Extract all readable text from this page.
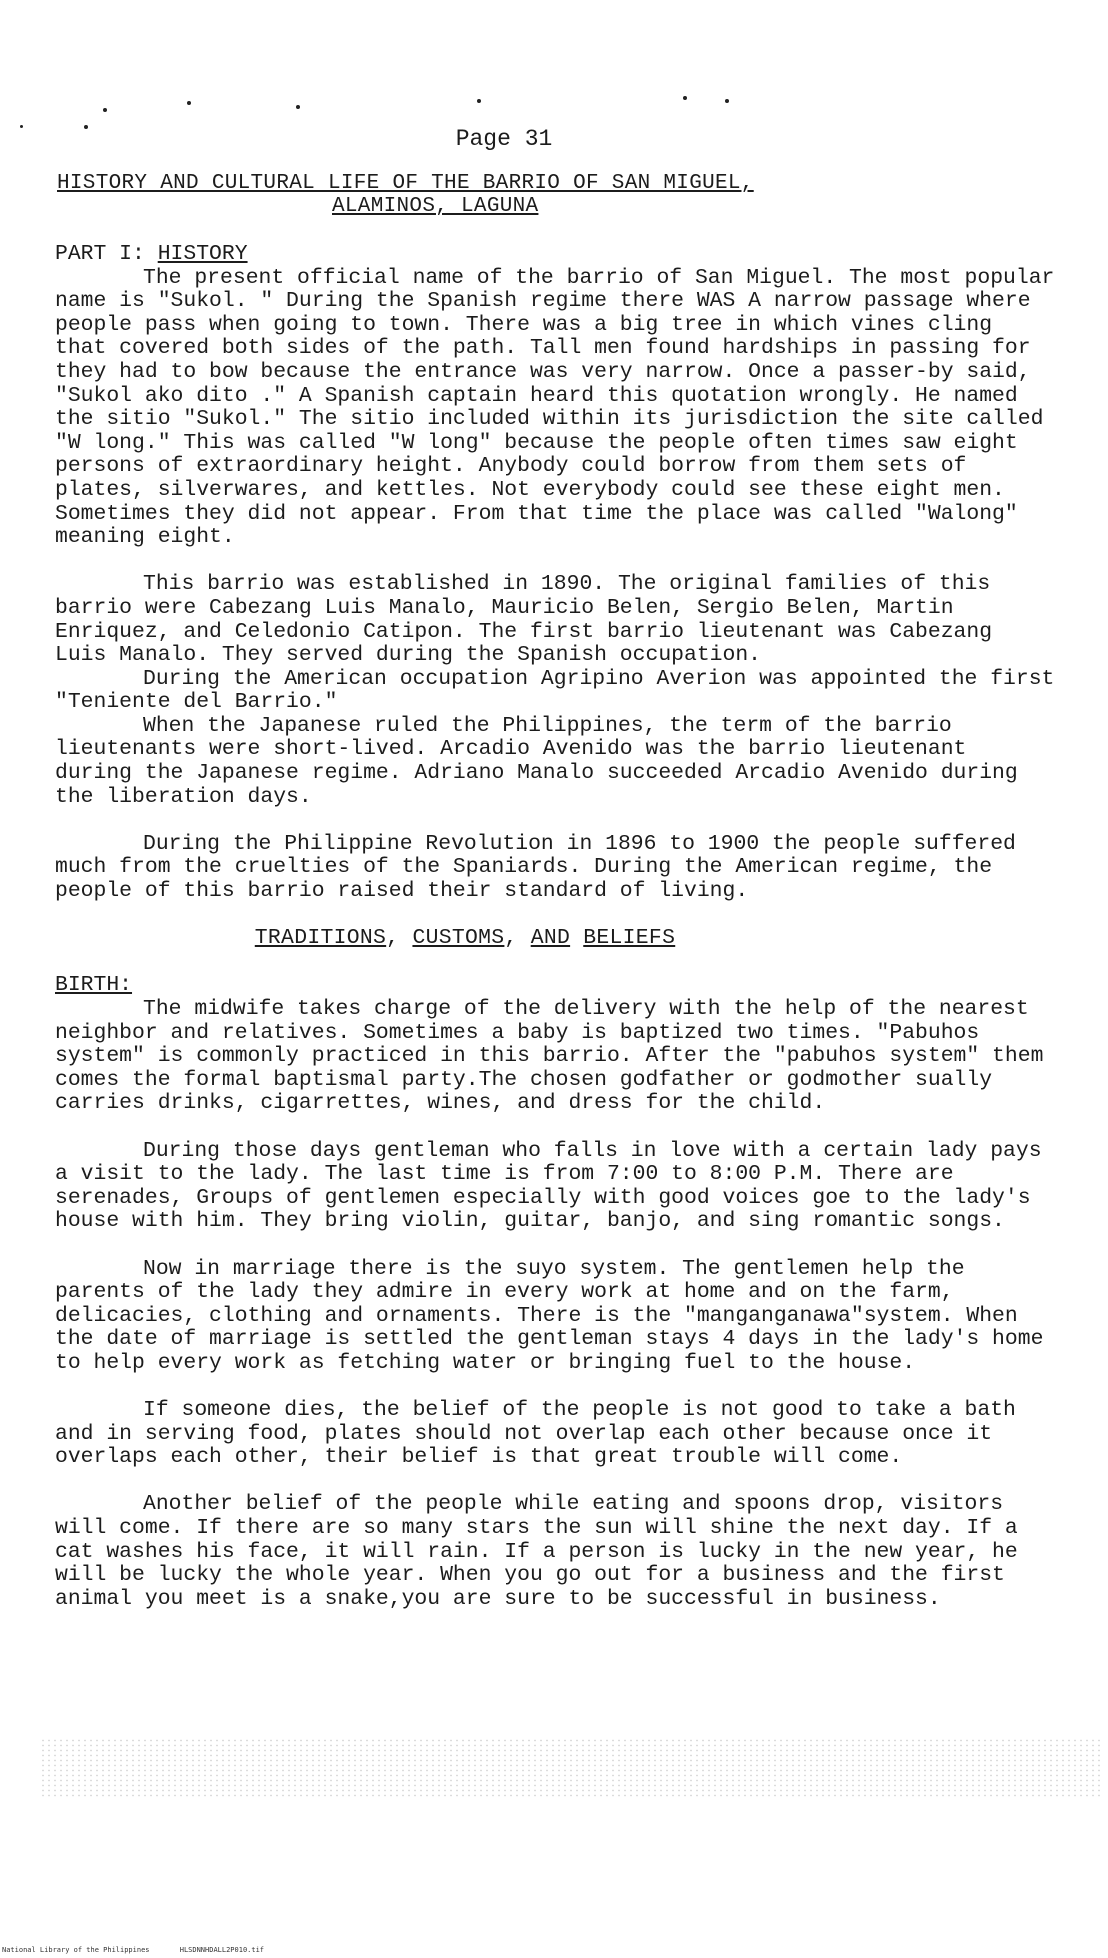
Page 31
HISTORY AND CULTURAL LIFE OF THE BARRIO OF SAN MIGUEL,
ALAMINOS, LAGUNA

PART I: HISTORY

The present official name of the barrio of San Miguel. The most popular name is "Sukol. " During the Spanish regime there WAS A narrow passage where people pass when going to town. There was a big tree in which vines cling that covered both sides of the path. Tall men found hardships in passing for they had to bow because the entrance was very narrow. Once a passer-by said, "Sukol ako dito ." A Spanish captain heard this quotation wrongly. He named the sitio "Sukol." The sitio included within its jurisdiction the site called "W long." This was called "W long" because the people often times saw eight persons of extraordinary height. Anybody could borrow from them sets of plates, silverwares, and kettles. Not everybody could see these eight men. Sometimes they did not appear. From that time the place was called "Walong" meaning eight.

This barrio was established in 1890. The original families of this barrio were Cabezang Luis Manalo, Mauricio Belen, Sergio Belen, Martin Enriquez, and Celedonio Catipon. The first barrio lieutenant was Cabezang Luis Manalo. They served during the Spanish occupation.

During the American occupation Agripino Averion was appointed the first "Teniente del Barrio."

When the Japanese ruled the Philippines, the term of the barrio lieutenants were short-lived. Arcadio Avenido was the barrio lieutenant during the Japanese regime. Adriano Manalo succeeded Arcadio Avenido during the liberation days.

During the Philippine Revolution in 1896 to 1900 the people suffered much from the cruelties of the Spaniards. During the American regime, the people of this barrio raised their standard of living.

TRADITIONS, CUSTOMS, AND BELIEFS

BIRTH:

The midwife takes charge of the delivery with the help of the nearest neighbor and relatives. Sometimes a baby is baptized two times. "Pabuhos system" is commonly practiced in this barrio. After the "pabuhos system" them comes the formal baptismal party.The chosen godfather or godmother sually carries drinks, cigarrettes, wines, and dress for the child.

During those days gentleman who falls in love with a certain lady pays a visit to the lady. The last time is from 7:00 to 8:00 P.M. There are serenades, Groups of gentlemen especially with good voices goe to the lady's house with him. They bring violin, guitar, banjo, and sing romantic songs.

Now in marriage there is the suyo system. The gentlemen help the parents of the lady they admire in every work at home and on the farm, delicacies, clothing and ornaments. There is the "manganganawa"system. When the date of marriage is settled the gentleman stays 4 days in the lady's home to help every work as fetching water or bringing fuel to the house.

If someone dies, the belief of the people is not good to take a bath and in serving food, plates should not overlap each other because once it overlaps each other, their belief is that great trouble will come.

Another belief of the people while eating and spoons drop, visitors will come. If there are so many stars the sun will shine the next day. If a cat washes his face, it will rain. If a person is lucky in the new year, he will be lucky the whole year. When you go out for a business and the first animal you meet is a snake,you are sure to be successful in business.

National Library of the Philippines	HLSDNNHDALL2P010.tif
